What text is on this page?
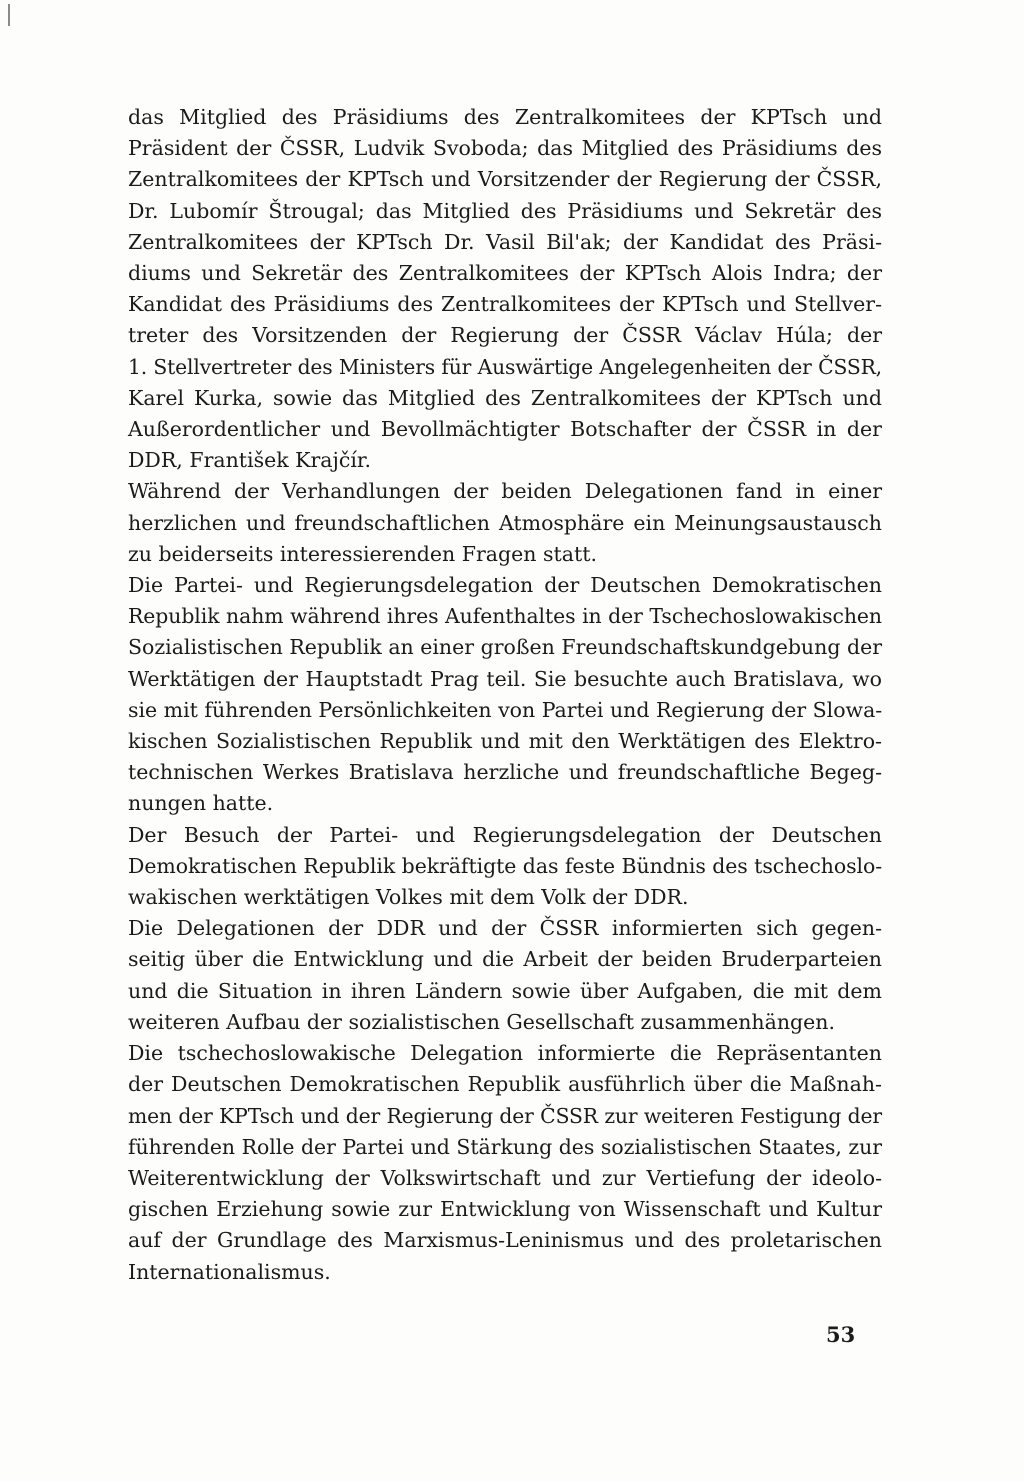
das Mitglied des Präsidiums des Zentralkomitees der KPTsch und
Präsident der ČSSR, Ludvik Svoboda; das Mitglied des Präsidiums des
Zentralkomitees der KPTsch und Vorsitzender der Regierung der ČSSR,
Dr. Lubomír Štrougal; das Mitglied des Präsidiums und Sekretär des
Zentralkomitees der KPTsch Dr. Vasil Bil'ak; der Kandidat des Präsi-
diums und Sekretär des Zentralkomitees der KPTsch Alois Indra; der
Kandidat des Präsidiums des Zentralkomitees der KPTsch und Stellver-
treter des Vorsitzenden der Regierung der ČSSR Václav Húla; der
1. Stellvertreter des Ministers für Auswärtige Angelegenheiten der ČSSR,
Karel Kurka, sowie das Mitglied des Zentralkomitees der KPTsch und
Außerordentlicher und Bevollmächtigter Botschafter der ČSSR in der
DDR, František Krajčír.
Während der Verhandlungen der beiden Delegationen fand in einer
herzlichen und freundschaftlichen Atmosphäre ein Meinungsaustausch
zu beiderseits interessierenden Fragen statt.
Die Partei- und Regierungsdelegation der Deutschen Demokratischen
Republik nahm während ihres Aufenthaltes in der Tschechoslowakischen
Sozialistischen Republik an einer großen Freundschaftskundgebung der
Werktätigen der Hauptstadt Prag teil. Sie besuchte auch Bratislava, wo
sie mit führenden Persönlichkeiten von Partei und Regierung der Slowa-
kischen Sozialistischen Republik und mit den Werktätigen des Elektro-
technischen Werkes Bratislava herzliche und freundschaftliche Begeg-
nungen hatte.
Der Besuch der Partei- und Regierungsdelegation der Deutschen
Demokratischen Republik bekräftigte das feste Bündnis des tschechoslo-
wakischen werktätigen Volkes mit dem Volk der DDR.
Die Delegationen der DDR und der ČSSR informierten sich gegen-
seitig über die Entwicklung und die Arbeit der beiden Bruderparteien
und die Situation in ihren Ländern sowie über Aufgaben, die mit dem
weiteren Aufbau der sozialistischen Gesellschaft zusammenhängen.
Die tschechoslowakische Delegation informierte die Repräsentanten
der Deutschen Demokratischen Republik ausführlich über die Maßnah-
men der KPTsch und der Regierung der ČSSR zur weiteren Festigung der
führenden Rolle der Partei und Stärkung des sozialistischen Staates, zur
Weiterentwicklung der Volkswirtschaft und zur Vertiefung der ideolo-
gischen Erziehung sowie zur Entwicklung von Wissenschaft und Kultur
auf der Grundlage des Marxismus-Leninismus und des proletarischen
Internationalismus.
53
